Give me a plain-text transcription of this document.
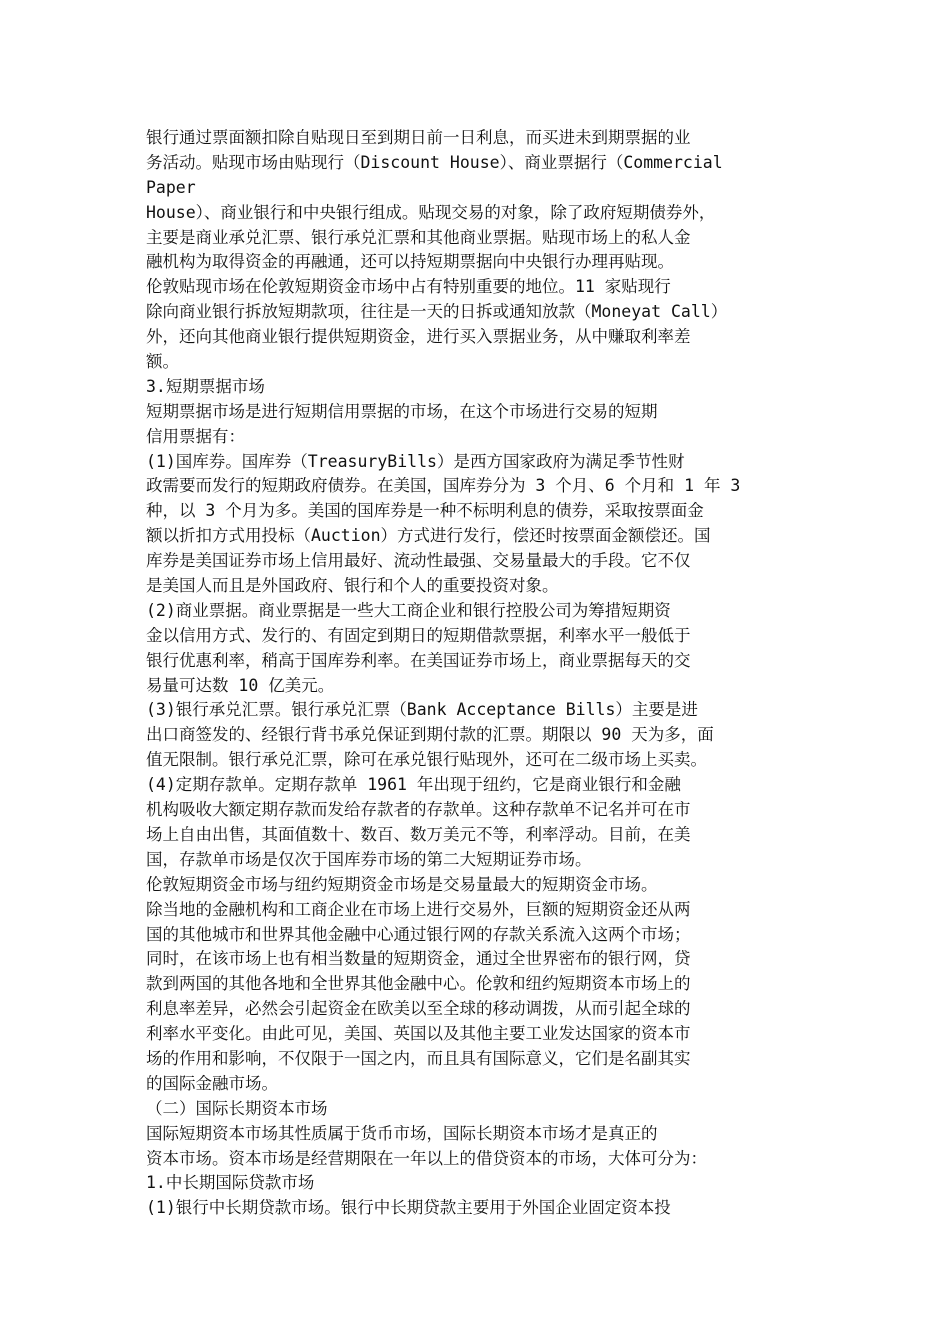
银行通过票面额扣除自贴现日至到期日前一日利息，而买进未到期票据的业
务活动。贴现市场由贴现行（Discount House）、商业票据行（Commercial
Paper
House）、商业银行和中央银行组成。贴现交易的对象，除了政府短期债券外，
主要是商业承兑汇票、银行承兑汇票和其他商业票据。贴现市场上的私人金
融机构为取得资金的再融通，还可以持短期票据向中央银行办理再贴现。
伦敦贴现市场在伦敦短期资金市场中占有特别重要的地位。11 家贴现行
除向商业银行拆放短期款项，往往是一天的日拆或通知放款（Moneyat Call）
外，还向其他商业银行提供短期资金，进行买入票据业务，从中赚取利率差
额。
3.短期票据市场
短期票据市场是进行短期信用票据的市场，在这个市场进行交易的短期
信用票据有：
(1)国库券。国库券（TreasuryBills）是西方国家政府为满足季节性财
政需要而发行的短期政府债券。在美国，国库券分为 3 个月、6 个月和 1 年 3
种，以 3 个月为多。美国的国库券是一种不标明利息的债券，采取按票面金
额以折扣方式用投标（Auction）方式进行发行，偿还时按票面金额偿还。国
库券是美国证券市场上信用最好、流动性最强、交易量最大的手段。它不仅
是美国人而且是外国政府、银行和个人的重要投资对象。
(2)商业票据。商业票据是一些大工商企业和银行控股公司为筹措短期资
金以信用方式、发行的、有固定到期日的短期借款票据，利率水平一般低于
银行优惠利率，稍高于国库券利率。在美国证券市场上，商业票据每天的交
易量可达数 10 亿美元。
(3)银行承兑汇票。银行承兑汇票（Bank Acceptance Bills）主要是进
出口商签发的、经银行背书承兑保证到期付款的汇票。期限以 90 天为多，面
值无限制。银行承兑汇票，除可在承兑银行贴现外，还可在二级市场上买卖。
(4)定期存款单。定期存款单 1961 年出现于纽约，它是商业银行和金融
机构吸收大额定期存款而发给存款者的存款单。这种存款单不记名并可在市
场上自由出售，其面值数十、数百、数万美元不等，利率浮动。目前，在美
国，存款单市场是仅次于国库券市场的第二大短期证券市场。
伦敦短期资金市场与纽约短期资金市场是交易量最大的短期资金市场。
除当地的金融机构和工商企业在市场上进行交易外，巨额的短期资金还从两
国的其他城市和世界其他金融中心通过银行网的存款关系流入这两个市场；
同时，在该市场上也有相当数量的短期资金，通过全世界密布的银行网，贷
款到两国的其他各地和全世界其他金融中心。伦敦和纽约短期资本市场上的
利息率差异，必然会引起资金在欧美以至全球的移动调拨，从而引起全球的
利率水平变化。由此可见，美国、英国以及其他主要工业发达国家的资本市
场的作用和影响，不仅限于一国之内，而且具有国际意义，它们是名副其实
的国际金融市场。
（二）国际长期资本市场
国际短期资本市场其性质属于货币市场，国际长期资本市场才是真正的
资本市场。资本市场是经营期限在一年以上的借贷资本的市场，大体可分为：
1.中长期国际贷款市场
(1)银行中长期贷款市场。银行中长期贷款主要用于外国企业固定资本投
